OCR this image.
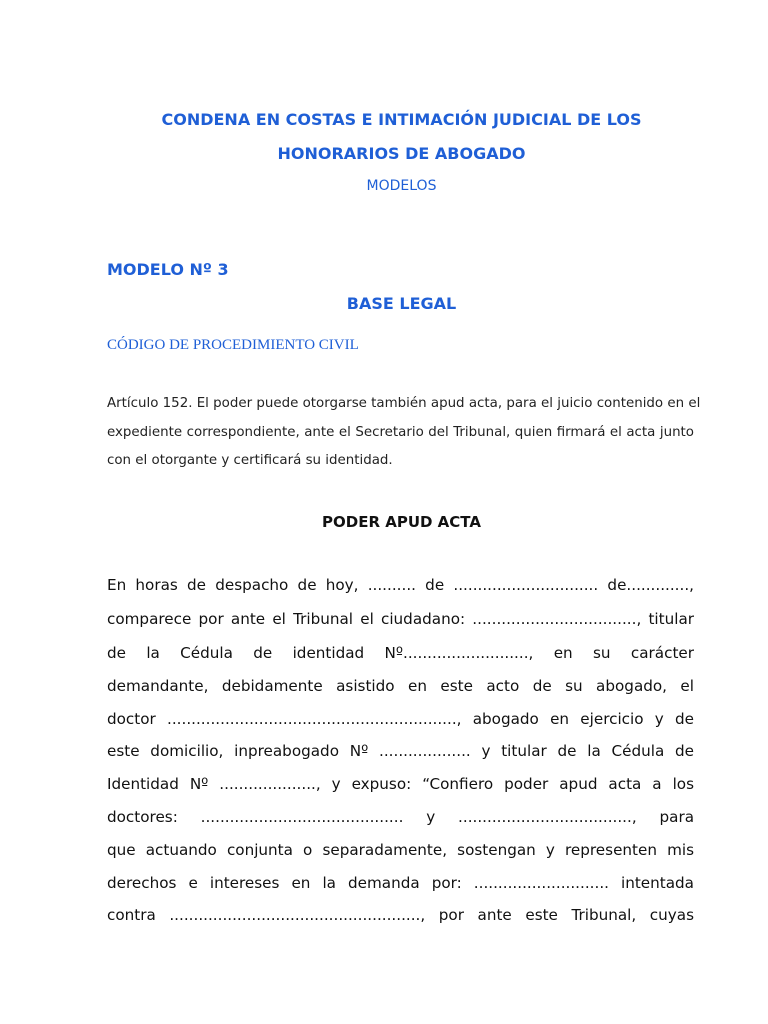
CONDENA EN COSTAS E INTIMACIÓN JUDICIAL DE LOS
HONORARIOS DE ABOGADO
MODELOS
MODELO Nº 3
BASE LEGAL
CÓDIGO DE PROCEDIMIENTO CIVIL
Artículo 152. El poder puede otorgarse también apud acta, para el juicio contenido en el
expediente correspondiente, ante el Secretario del Tribunal, quien firmará el acta junto
con el otorgante y certificará su identidad.
PODER APUD ACTA
En horas de despacho de hoy, .......... de .............................. de.............,
comparece por ante el Tribunal el ciudadano: .................................., titular
de la Cédula de identidad Nº.........................., en su carácter
demandante, debidamente asistido en este acto de su abogado, el
doctor ............................................................, abogado en ejercicio y de
este domicilio, inpreabogado Nº ................... y titular de la Cédula de
Identidad Nº ...................., y expuso: “Confiero poder apud acta a los
doctores: .......................................... y ...................................., para
que actuando conjunta o separadamente, sostengan y representen mis
derechos e intereses en la demanda por: ............................ intentada
contra ...................................................., por ante este Tribunal, cuyas
